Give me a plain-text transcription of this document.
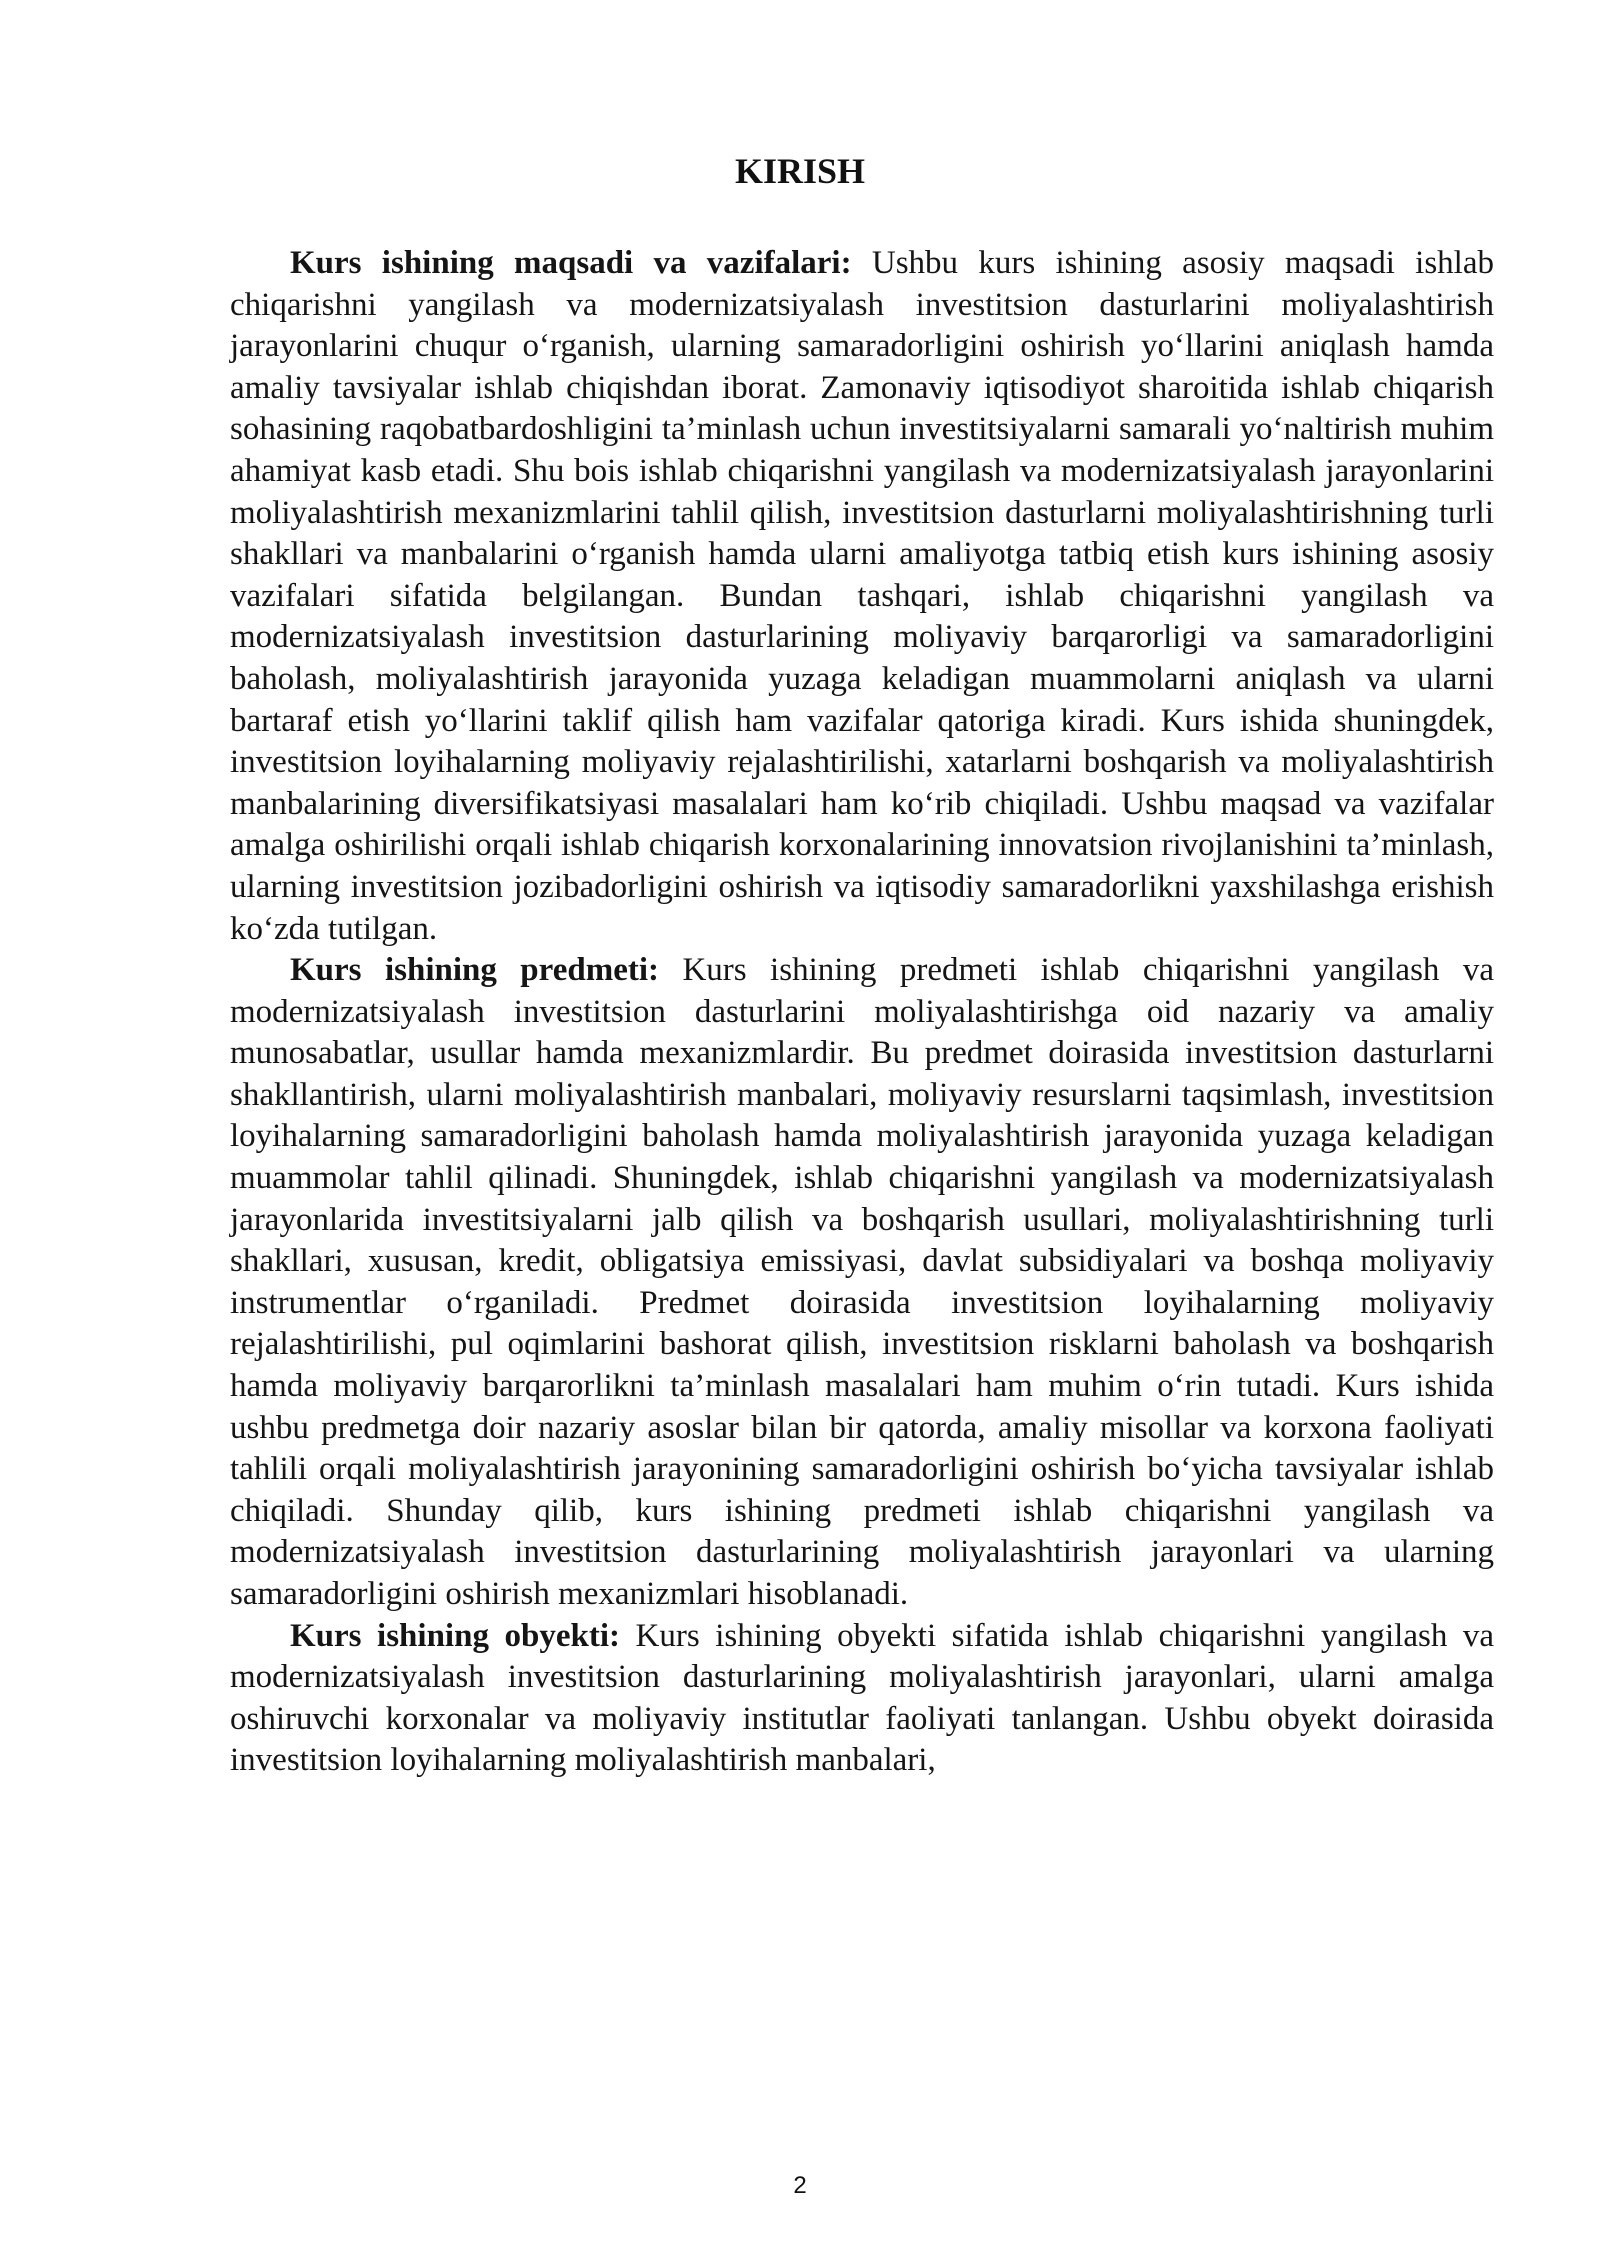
KIRISH

Kurs ishining maqsadi va vazifalari: Ushbu kurs ishining asosiy maqsadi ishlab chiqarishni yangilash va modernizatsiyalash investitsion dasturlarini moliyalashtirish jarayonlarini chuqur o‘rganish, ularning samaradorligini oshirish yo‘llarini aniqlash hamda amaliy tavsiyalar ishlab chiqishdan iborat. Zamonaviy iqtisodiyot sharoitida ishlab chiqarish sohasining raqobatbardoshligini ta’minlash uchun investitsiyalarni samarali yo‘naltirish muhim ahamiyat kasb etadi. Shu bois ishlab chiqarishni yangilash va modernizatsiyalash jarayonlarini moliyalashtirish mexanizmlarini tahlil qilish, investitsion dasturlarni moliyalashtirishning turli shakllari va manbalarini o‘rganish hamda ularni amaliyotga tatbiq etish kurs ishining asosiy vazifalari sifatida belgilangan. Bundan tashqari, ishlab chiqarishni yangilash va modernizatsiyalash investitsion dasturlarining moliyaviy barqarorligi va samaradorligini baholash, moliyalashtirish jarayonida yuzaga keladigan muammolarni aniqlash va ularni bartaraf etish yo‘llarini taklif qilish ham vazifalar qatoriga kiradi. Kurs ishida shuningdek, investitsion loyihalarning moliyaviy rejalashtirilishi, xatarlarni boshqarish va moliyalashtirish manbalarining diversifikatsiyasi masalalari ham ko‘rib chiqiladi. Ushbu maqsad va vazifalar amalga oshirilishi orqali ishlab chiqarish korxonalarining innovatsion rivojlanishini ta’minlash, ularning investitsion jozibadorligini oshirish va iqtisodiy samaradorlikni yaxshilashga erishish ko‘zda tutilgan.

Kurs ishining predmeti: Kurs ishining predmeti ishlab chiqarishni yangilash va modernizatsiyalash investitsion dasturlarini moliyalashtirishga oid nazariy va amaliy munosabatlar, usullar hamda mexanizmlardir. Bu predmet doirasida investitsion dasturlarni shakllantirish, ularni moliyalashtirish manbalari, moliyaviy resurslarni taqsimlash, investitsion loyihalarning samaradorligini baholash hamda moliyalashtirish jarayonida yuzaga keladigan muammolar tahlil qilinadi. Shuningdek, ishlab chiqarishni yangilash va modernizatsiyalash jarayonlarida investitsiyalarni jalb qilish va boshqarish usullari, moliyalashtirishning turli shakllari, xususan, kredit, obligatsiya emissiyasi, davlat subsidiyalari va boshqa moliyaviy instrumentlar o‘rganiladi. Predmet doirasida investitsion loyihalarning moliyaviy rejalashtirilishi, pul oqimlarini bashorat qilish, investitsion risklarni baholash va boshqarish hamda moliyaviy barqarorlikni ta’minlash masalalari ham muhim o‘rin tutadi. Kurs ishida ushbu predmetga doir nazariy asoslar bilan bir qatorda, amaliy misollar va korxona faoliyati tahlili orqali moliyalashtirish jarayonining samaradorligini oshirish bo‘yicha tavsiyalar ishlab chiqiladi. Shunday qilib, kurs ishining predmeti ishlab chiqarishni yangilash va modernizatsiyalash investitsion dasturlarining moliyalashtirish jarayonlari va ularning samaradorligini oshirish mexanizmlari hisoblanadi.

Kurs ishining obyekti: Kurs ishining obyekti sifatida ishlab chiqarishni yangilash va modernizatsiyalash investitsion dasturlarining moliyalashtirish jarayonlari, ularni amalga oshiruvchi korxonalar va moliyaviy institutlar faoliyati tanlangan. Ushbu obyekt doirasida investitsion loyihalarning moliyalashtirish manbalari,

2
